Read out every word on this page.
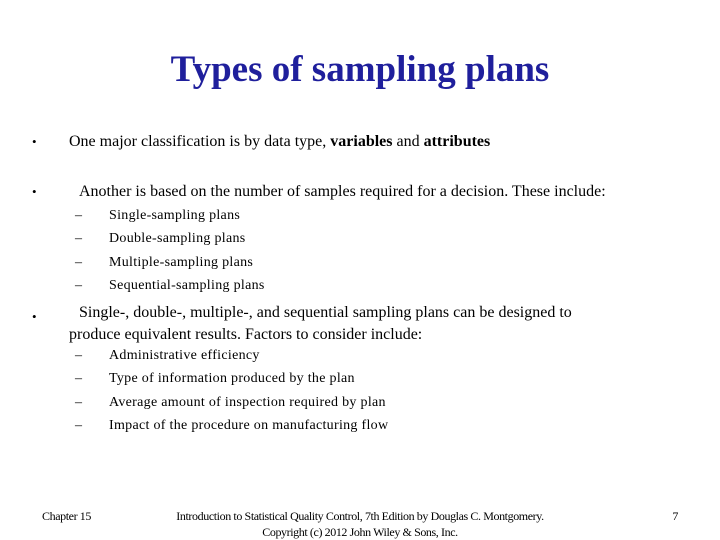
Types of sampling plans
• One major classification is by data type, variables and attributes
•	Another is based on the number of samples required for a decision. These include:
– Single-sampling plans
– Double-sampling plans
– Multiple-sampling plans
– Sequential-sampling plans
•	Single-, double-, multiple-, and sequential sampling plans can be designed to
produce equivalent results. Factors to consider include:
– Administrative efficiency
– Type of information produced by the plan
– Average amount of inspection required by plan
– Impact of the procedure on manufacturing flow
Chapter 15	Introduction to Statistical Quality Control, 7th Edition by Douglas C. Montgomery.
Copyright (c) 2012 John Wiley & Sons, Inc.
7
